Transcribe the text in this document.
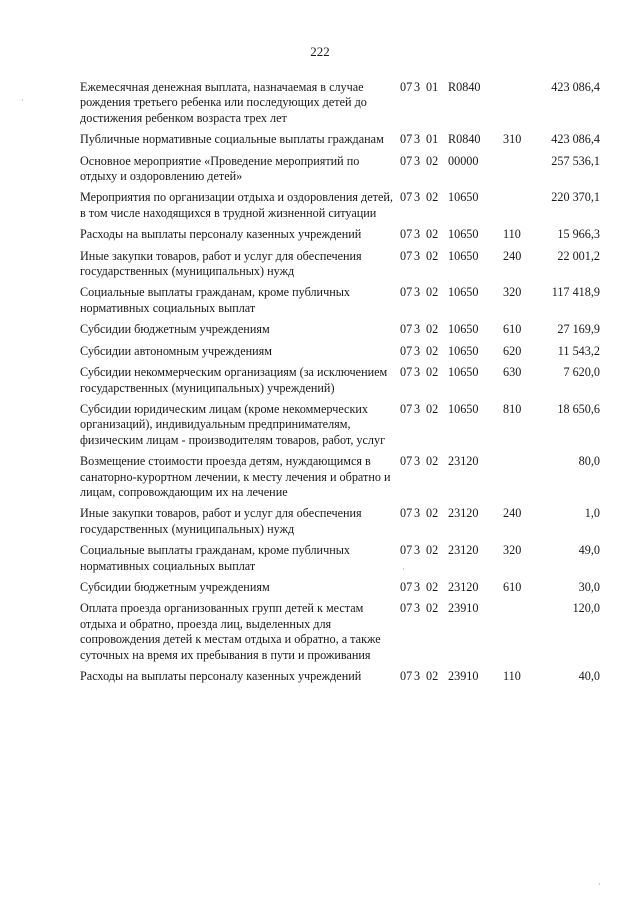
222
Ежемесячная денежная выплата, назначаемая в случае рождения третьего ребенка или последующих детей до достижения ребенком возраста трех лет	07	3	01	R0840		423 086,4
Публичные нормативные социальные выплаты гражданам	07	3	01	R0840	310	423 086,4
Основное мероприятие «Проведение мероприятий по отдыху и оздоровлению детей»	07	3	02	00000		257 536,1
Мероприятия по организации отдыха и оздоровления детей, в том числе находящихся в трудной жизненной ситуации	07	3	02	10650		220 370,1
Расходы на выплаты персоналу казенных учреждений	07	3	02	10650	110	15 966,3
Иные закупки товаров, работ и услуг для обеспечения государственных (муниципальных) нужд	07	3	02	10650	240	22 001,2
Социальные выплаты гражданам, кроме публичных нормативных социальных выплат	07	3	02	10650	320	117 418,9
Субсидии бюджетным учреждениям	07	3	02	10650	610	27 169,9
Субсидии автономным учреждениям	07	3	02	10650	620	11 543,2
Субсидии некоммерческим организациям (за исключением государственных (муниципальных) учреждений)	07	3	02	10650	630	7 620,0
Субсидии юридическим лицам (кроме некоммерческих организаций), индивидуальным предпринимателям, физическим лицам - производителям товаров, работ, услуг	07	3	02	10650	810	18 650,6
Возмещение стоимости проезда детям, нуждающимся в санаторно-курортном лечении, к месту лечения и обратно и лицам, сопровождающим их на лечение	07	3	02	23120		80,0
Иные закупки товаров, работ и услуг для обеспечения государственных (муниципальных) нужд	07	3	02	23120	240	1,0
Социальные выплаты гражданам, кроме публичных нормативных социальных выплат	07	3	02	23120	320	49,0
Субсидии бюджетным учреждениям	07	3	02	23120	610	30,0
Оплата проезда организованных групп детей к местам отдыха и обратно, проезда лиц, выделенных для сопровождения детей к местам отдыха и обратно, а также суточных на время их пребывания в пути и проживания	07	3	02	23910		120,0
Расходы на выплаты персоналу казенных учреждений	07	3	02	23910	110	40,0
·
·
·
